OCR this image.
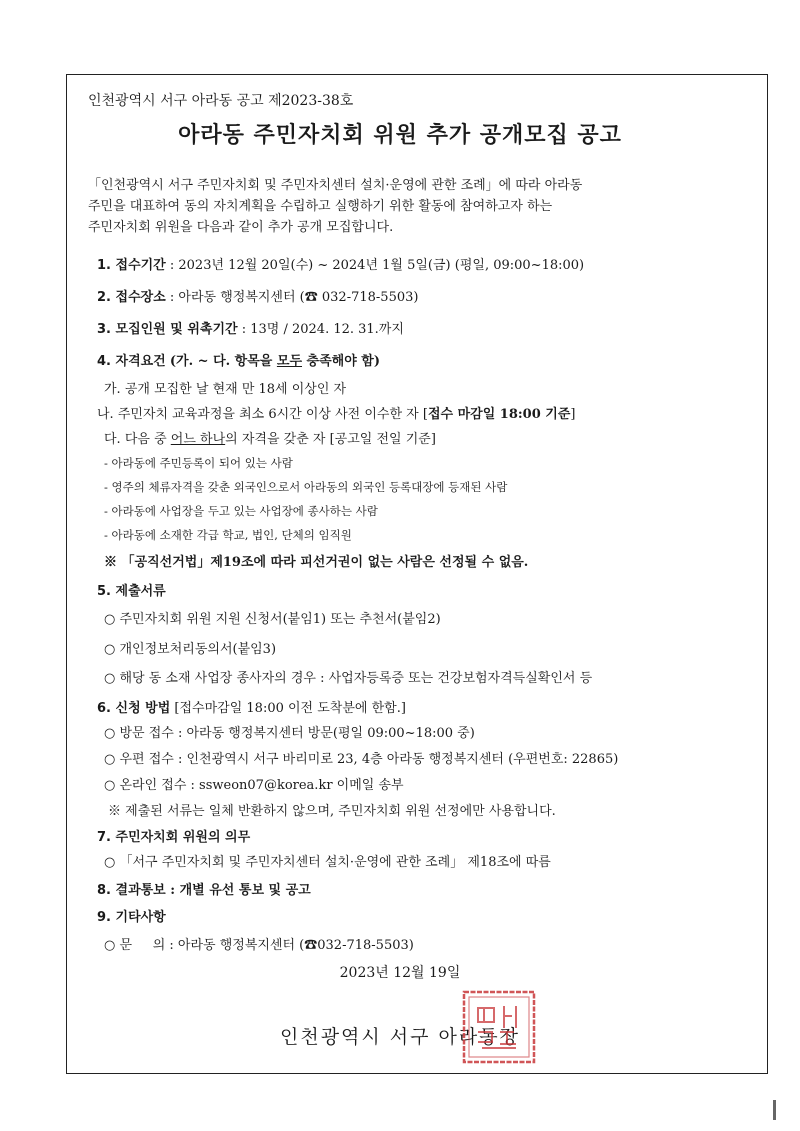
인천광역시 서구 아라동 공고 제2023-38호
아라동 주민자치회 위원 추가 공개모집 공고
「인천광역시 서구 주민자치회 및 주민자치센터 설치·운영에 관한 조례」에 따라 아라동
주민을 대표하여 동의 자치계획을 수립하고 실행하기 위한 활동에 참여하고자 하는
주민자치회 위원을 다음과 같이 추가 공개 모집합니다.
1. 접수기간 : 2023년 12월 20일(수) ~ 2024년 1월 5일(금) (평일, 09:00~18:00)
2. 접수장소 : 아라동 행정복지센터 (☎ 032-718-5503)
3. 모집인원 및 위촉기간 : 13명 / 2024. 12. 31.까지
4. 자격요건 (가. ~ 다. 항목을 모두 충족해야 함)
가. 공개 모집한 날 현재 만 18세 이상인 자
나. 주민자치 교육과정을 최소 6시간 이상 사전 이수한 자 [접수 마감일 18:00 기준]
다. 다음 중 어느 하나의 자격을 갖춘 자 [공고일 전일 기준]
- 아라동에 주민등록이 되어 있는 사람
- 영주의 체류자격을 갖춘 외국인으로서 아라동의 외국인 등록대장에 등재된 사람
- 아라동에 사업장을 두고 있는 사업장에 종사하는 사람
- 아라동에 소재한 각급 학교, 법인, 단체의 임직원
※ 「공직선거법」제19조에 따라 피선거권이 없는 사람은 선정될 수 없음.
5. 제출서류
○ 주민자치회 위원 지원 신청서(붙임1) 또는 추천서(붙임2)
○ 개인정보처리동의서(붙임3)
○ 해당 동 소재 사업장 종사자의 경우 : 사업자등록증 또는 건강보험자격득실확인서 등
6. 신청 방법 [접수마감일 18:00 이전 도착분에 한함.]
○ 방문 접수 : 아라동 행정복지센터 방문(평일 09:00~18:00 중)
○ 우편 접수 : 인천광역시 서구 바리미로 23, 4층 아라동 행정복지센터 (우편번호: 22865)
○ 온라인 접수 : ssweon07@korea.kr 이메일 송부
※ 제출된 서류는 일체 반환하지 않으며, 주민자치회 위원 선정에만 사용합니다.
7. 주민자치회 위원의 의무
○ 「서구 주민자치회 및 주민자치센터 설치·운영에 관한 조례」 제18조에 따름
8. 결과통보 : 개별 유선 통보 및 공고
9. 기타사항
○ 문     의 : 아라동 행정복지센터 (☎032-718-5503)
2023년 12월 19일
인천광역시 서구 아라동장
